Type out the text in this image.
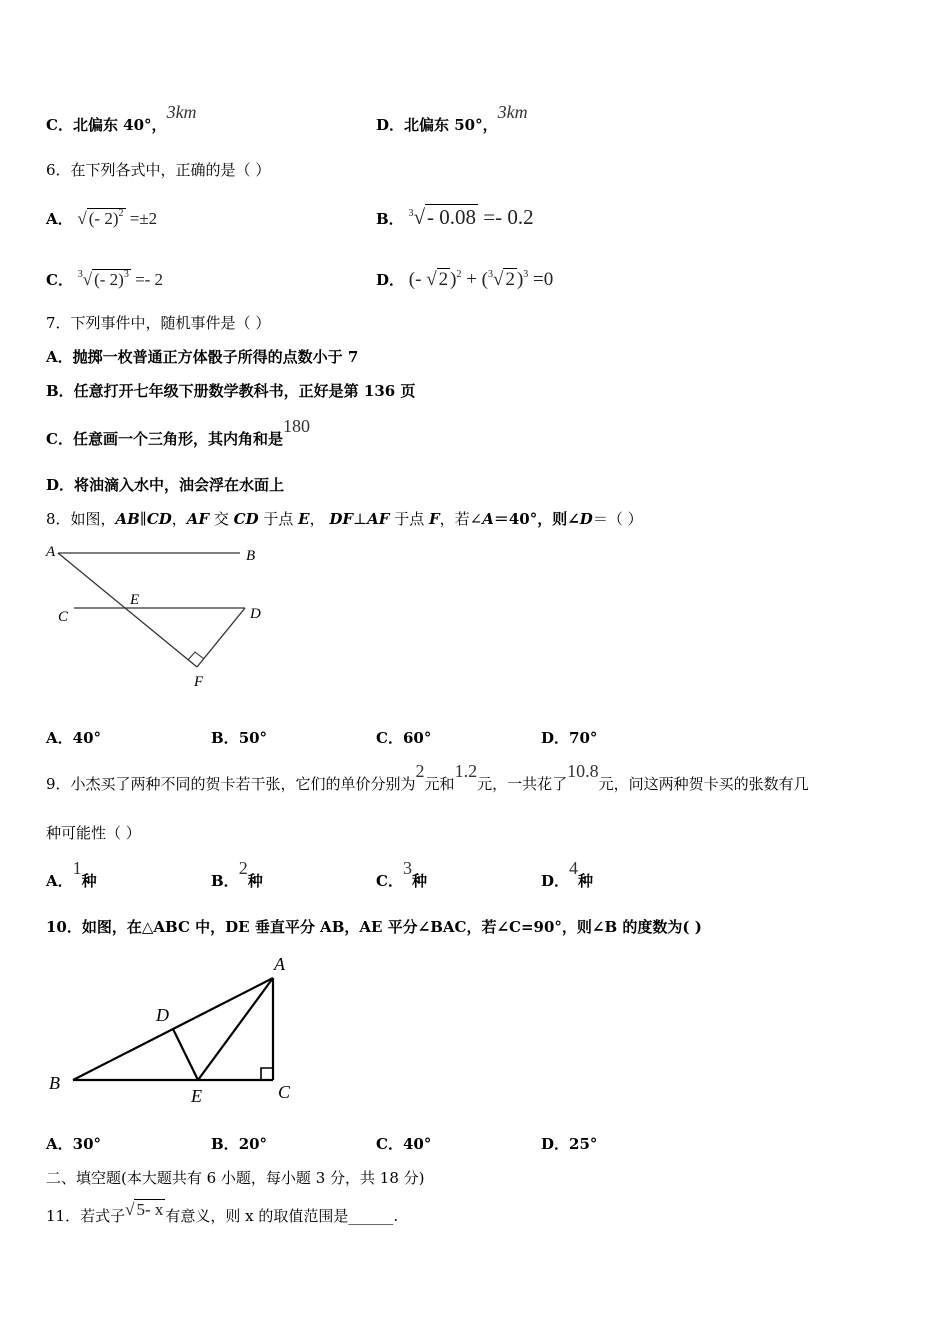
C．北偏东 40°，3km
D．北偏东 50°，3km
6．在下列各式中，正确的是（ ）
A． √ (- 2)$^2$ =±2	B． $^3$√- 0.08 =- 0.2
C． $^3$√ (- 2)$^3$ =- 2	D． (- √ 2 )$^2$ + ($^3$√ 2 )$^3$ =0
7．下列事件中，随机事件是（ ）
A．抛掷一枚普通正方体骰子所得的点数小于 7
B．任意打开七年级下册数学教科书，正好是第 136 页
C．任意画一个三角形，其内角和是180
D．将油滴入水中，油会浮在水面上
8．如图，AB∥CD，AF 交 CD 于点 E， DF⊥AF 于点 F，若∠A＝40°，则∠D＝（ ）
A	B
C	D
E
F
A．40°	B．50°	C．60°	D．70°
9．小杰买了两种不同的贺卡若干张，它们的单价分别为2元和1.2元，一共花了10.8元，问这两种贺卡买的张数有几
种可能性（ ）
A．1种	B．2种	C．3种	D．4种
10．如图，在△ABC 中，DE 垂直平分 AB，AE 平分∠BAC，若∠C=90°，则∠B 的度数为( )
A
B	C
D
E
A．30°	B．20°	C．40°	D．25°
二、填空题(本大题共有 6 小题，每小题 3 分，共 18 分)
11．若式子√ 5- x 有意义，则 x 的取值范围是______.
